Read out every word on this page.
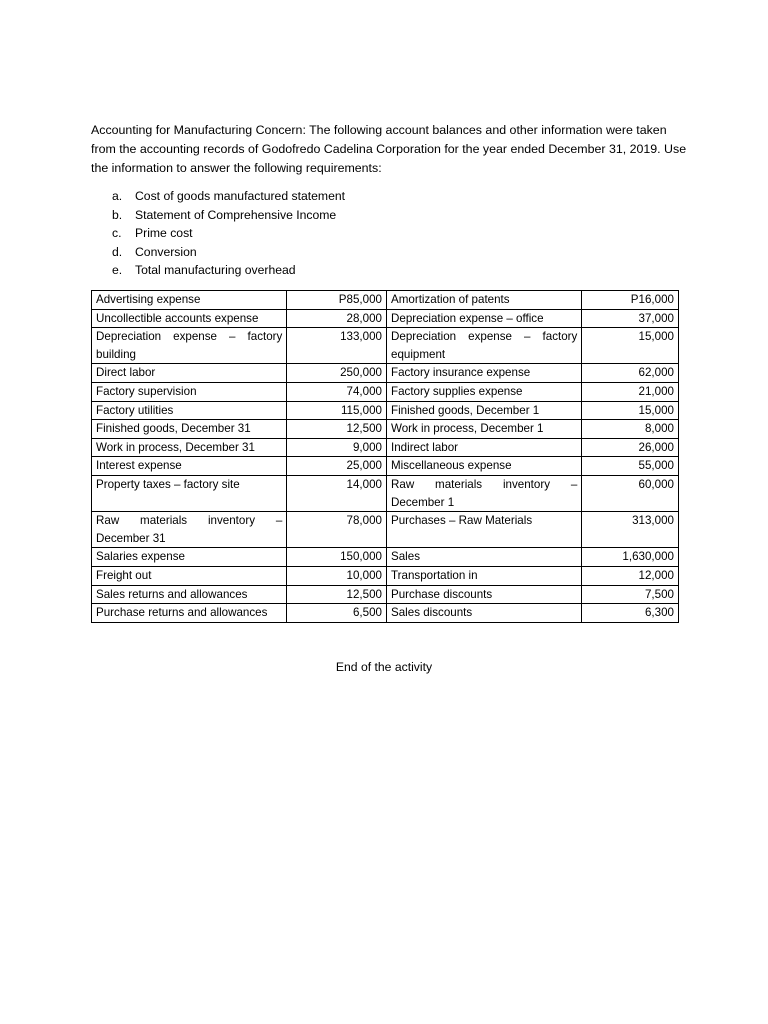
Accounting for Manufacturing Concern: The following account balances and other information were taken from the accounting records of Godofredo Cadelina Corporation for the year ended December 31, 2019. Use the information to answer the following requirements:

a.	Cost of goods manufactured statement
b.	Statement of Comprehensive Income
c.	Prime cost
d.	Conversion
e.	Total manufacturing overhead
Advertising expense	P85,000	Amortization of patents	P16,000
Uncollectible accounts expense	28,000	Depreciation expense – office	37,000
Depreciation expense – factory building	133,000	Depreciation expense – factory equipment	15,000
Direct labor	250,000	Factory insurance expense	62,000
Factory supervision	74,000	Factory supplies expense	21,000
Factory utilities	115,000	Finished goods, December 1	15,000
Finished goods, December 31	12,500	Work in process, December 1	8,000
Work in process, December 31	9,000	Indirect labor	26,000
Interest expense	25,000	Miscellaneous expense	55,000
Property taxes – factory site	14,000	Raw materials inventory – December 1	60,000
Raw materials inventory – December 31	78,000	Purchases – Raw Materials	313,000
Salaries expense	150,000	Sales	1,630,000
Freight out	10,000	Transportation in	12,000
Sales returns and allowances	12,500	Purchase discounts	7,500
Purchase returns and allowances	6,500	Sales discounts	6,300
End of the activity
